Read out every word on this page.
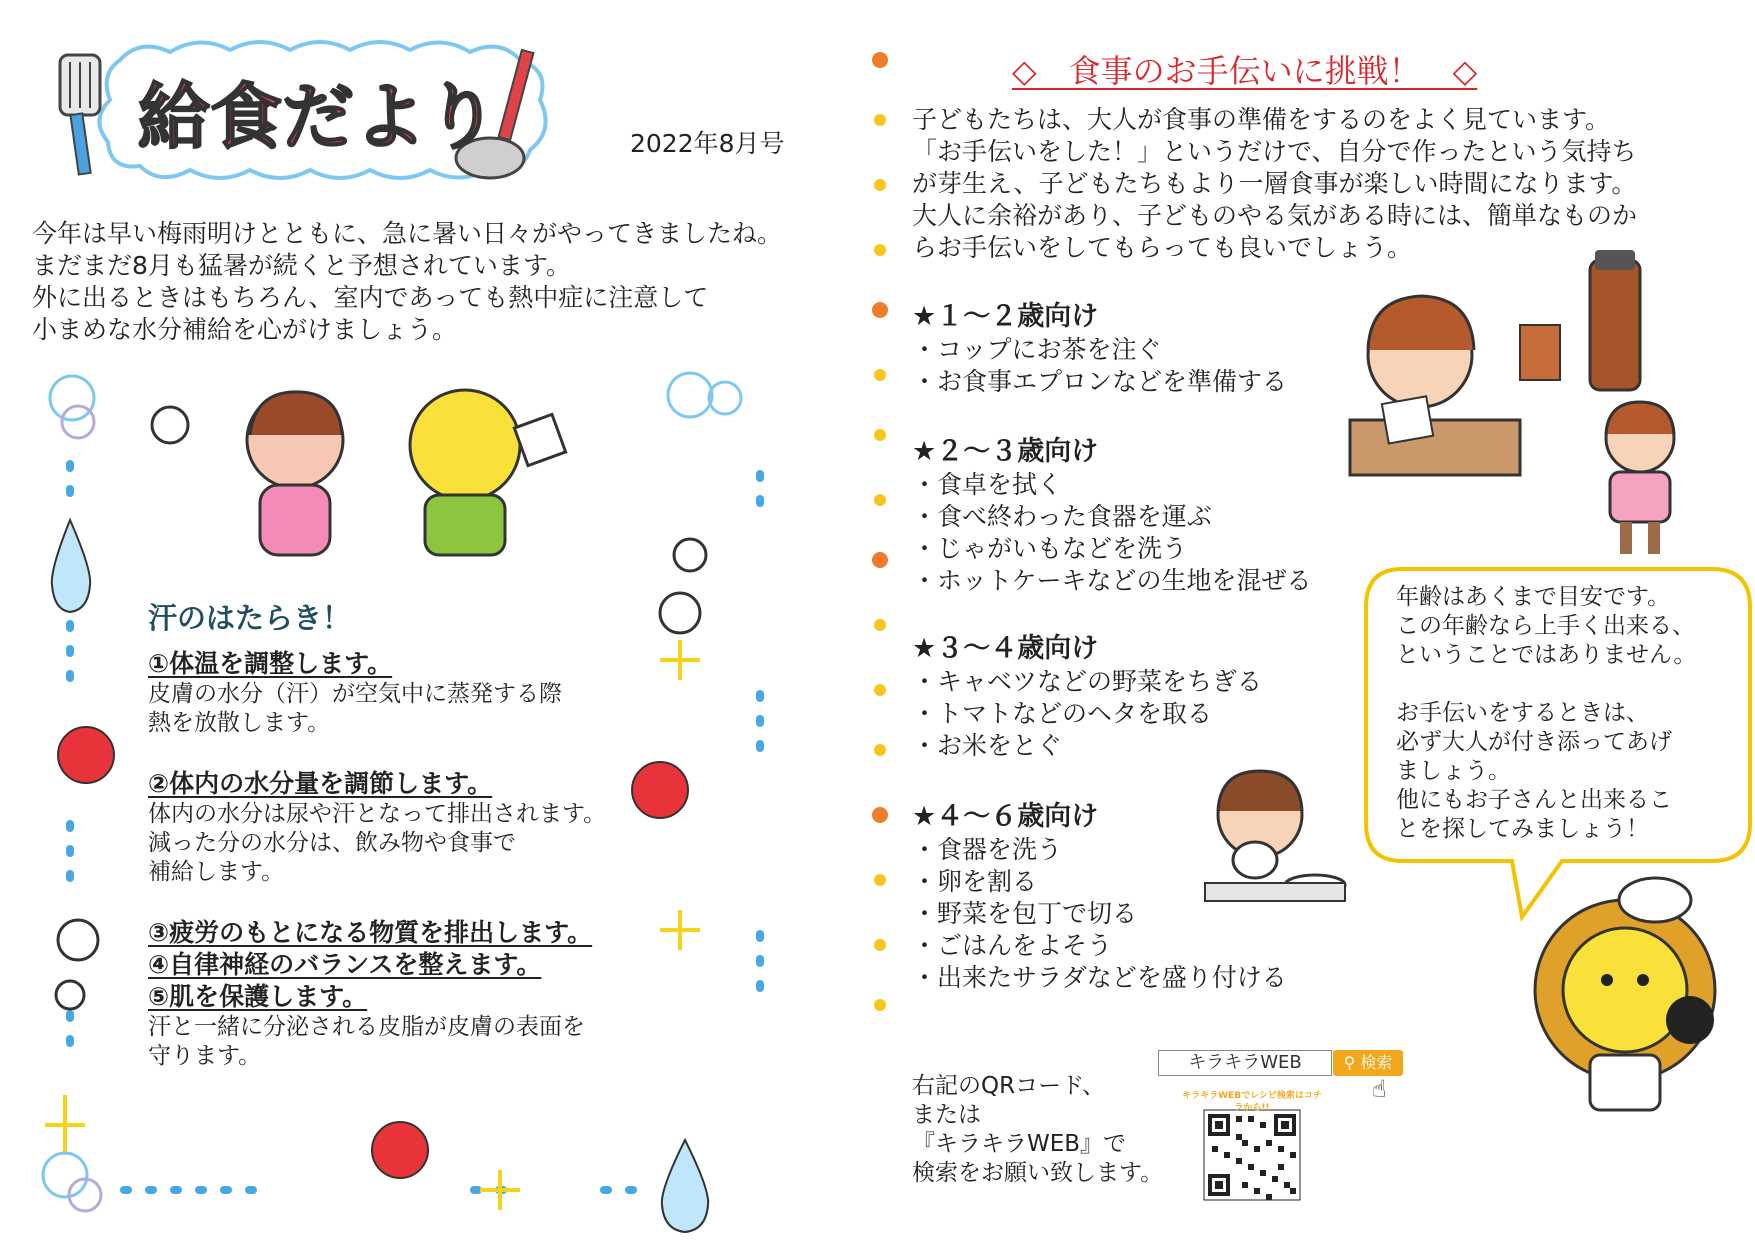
給食だより	2022年8月号
今年は早い梅雨明けとともに、急に暑い日々がやってきましたね。
まだまだ8月も猛暑が続くと予想されています。
外に出るときはもちろん、室内であっても熱中症に注意して
小まめな水分補給を心がけましょう。
汗のはたらき！
①体温を調整します。
皮膚の水分（汗）が空気中に蒸発する際
熱を放散します。
②体内の水分量を調節します。
体内の水分は尿や汗となって排出されます。
減った分の水分は、飲み物や食事で
補給します。
③疲労のもとになる物質を排出します。
④自律神経のバランスを整えます。
⑤肌を保護します。
汗と一緒に分泌される皮脂が皮膚の表面を
守ります。
◇　食事のお手伝いに挑戦！　◇
子どもたちは、大人が食事の準備をするのをよく見ています。
「お手伝いをした！」というだけで、自分で作ったという気持ち
が芽生え、子どもたちもより一層食事が楽しい時間になります。
大人に余裕があり、子どものやる気がある時には、簡単なものか
らお手伝いをしてもらっても良いでしょう。
★１～２歳向け
・コップにお茶を注ぐ
・お食事エプロンなどを準備する
★２～３歳向け
・食卓を拭く
・食べ終わった食器を運ぶ
・じゃがいもなどを洗う
・ホットケーキなどの生地を混ぜる
★３～４歳向け
・キャベツなどの野菜をちぎる
・トマトなどのヘタを取る
・お米をとぐ
★４～６歳向け
・食器を洗う
・卵を割る
・野菜を包丁で切る
・ごはんをよそう
・出来たサラダなどを盛り付ける
年齢はあくまで目安です。
この年齢なら上手く出来る、
ということではありません。

お手伝いをするときは、
必ず大人が付き添ってあげ
ましょう。
他にもお子さんと出来るこ
とを探してみましょう！
右記のQRコード、
または
『キラキラWEB』で
検索をお願い致します。
キラキラWEB	⚲ 検索
☝
キラキラWEBでレシピ検索はコチラから!!
